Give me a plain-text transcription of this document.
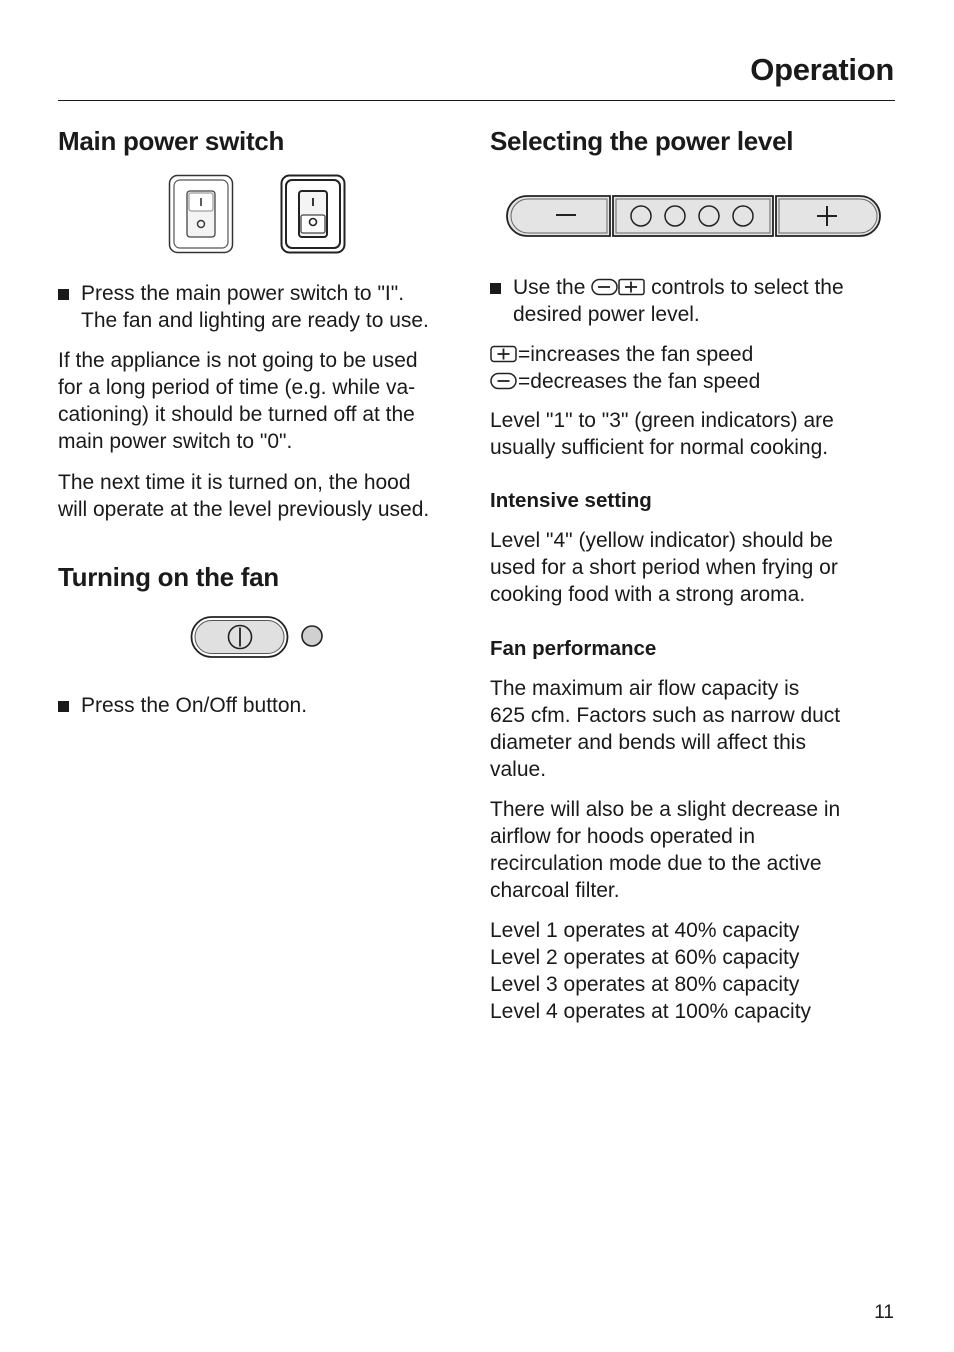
Operation
Main power switch

Press the main power switch to "I".
The fan and lighting are ready to use.

If the appliance is not going to be used
for a long period of time (e.g. while va-
cationing) it should be turned off at the
main power switch to "0".

The next time it is turned on, the hood
will operate at the level previously used.

Turning on the fan

Press the On/Off button.

Selecting the power level

Use the	controls to select the
desired power level.

=increases the fan speed
=decreases the fan speed

Level "1" to "3" (green indicators) are
usually sufficient for normal cooking.

Intensive setting

Level "4" (yellow indicator) should be
used for a short period when frying or
cooking food with a strong aroma.

Fan performance

The maximum air flow capacity is
625 cfm. Factors such as narrow duct
diameter and bends will affect this
value.

There will also be a slight decrease in
airflow for hoods operated in
recirculation mode due to the active
charcoal filter.

Level 1 operates at 40% capacity
Level 2 operates at 60% capacity
Level 3 operates at 80% capacity
Level 4 operates at 100% capacity

11
